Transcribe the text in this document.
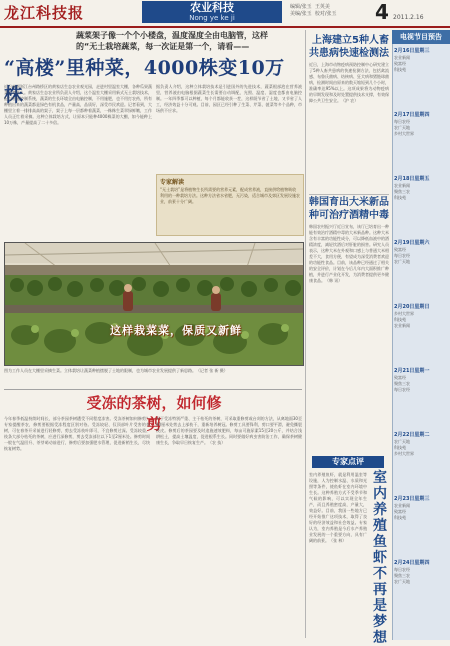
龙江科技报	农业科技
Nong ye ke ji
编辑/张玉  王英美
美编/张玉  校对/张玉 4 2011.2.16
蔬菜架子像一个个小楼盘，温度湿度全由电脑管，这样的“无土栽培蔬菜，每一次证是第一个，请看——
“高楼”里种菜，4000株变10万株
近日来到浙江台州路桥区的黄家店生态农业观光园，走进村里温室大棚，各种瓜果蔬菜长势喜人。黄家店生态农业所负责人介绍，这个温室大棚采用新式无土栽培技术，配以智能控制系统，蔬菜的生长环境全由电脑控制，不用施肥，也不用打农药，所有种植出来的蔬菜都是绿色有机食品，产量高，品质好，深受市民欢迎。记者看到，大棚里立着一排排高高的架子，架子上每一层都种着蔬菜，一株株生菜翠绿鲜嫩，工作人员正忙着采摘。这种立体栽培方式，让原本只能种4000株菜的大棚，如今能种上10万株，产量提高了二十多倍。
据负责人介绍，这种立体栽培技术是引进国外的先进技术，蔬菜根部泡在营养液里，营养液由电脑根据蔬菜生长需要自动调配，光照、温度、湿度也都由电脑控制。一年四季都可以种植，每个月都能收获一茬，这样既节省了土地，又节省了人工，经济效益十分可观。目前，园区已经引种了生菜、芹菜、菠菜等多个品种，市场供不应求。
专家解读
“无土栽培”是将植物生长所需要的营养元素，配成营养液，直接供给植物吸收利用的一种栽培方法。这种方法省水省肥，无污染，适合城市及郊区发展设施农业，前景十分广阔。
这样栽菜菜，保质又新鲜
图为工作人员在大棚里采摘生菜。立体栽培让蔬菜种植摆脱了土地的限制，也为城市农业发展提供了新思路。（记者 张 新 摄）
受冻的茶树，如何修剪
今年春季低温持续时间长，部分茶园茶树遭受不同程度冻害。受冻茶树如何修剪？专家提醒茶农，修剪要根据受冻程度区别对待。受冻较轻、仅顶部叶片受害的茶树，可在春茶开采前进行轻修剪，剪去受冻枝叶即可，不宜修剪过深。受冻较重、枝条大部分枯死的茶树，应进行深修剪，剪去受冻部位以下1至2厘米处。修剪时间一般在气温回升、茶芽萌动前进行，修剪后要加强肥水管理，促进新梢生长，尽快恢复树势。
对于受冻特别严重、主干枯死的茶树，可采取重修剪或台刈的方法，从离地面30至40厘米处剪去上部枝干，重新培养树冠。修剪工具要锋利，剪口要平滑，避免撕裂枝皮。修剪后的茶园要及时追施速效肥料，每亩可施尿素15至20公斤，并结合浅耕松土，提高土壤温度，促进根系生长。同时要做好病虫害防治工作，确保茶树健康生长，争取早日恢复生产。（农 技）
上海建立5种人畜共患病快速检测法
近日，上海市动物疫病预防控制中心研究建立了5种人畜共患病的快速检测方法，包括禽流感、布鲁氏菌病、结核病、狂犬病和猪链球菌病，检测时间由原来的数天缩短到几个小时，准确率达95%以上。这项成果将为动物疫病的早期发现和及时处置提供技术支撑，有效保障公共卫生安全。（沪 农）
韩国育出大米新品种可治疗酒精中毒
韩国农村振兴厅近日宣布，该厅已培育出一种能有效治疗酒精中毒的大米新品种。这种大米含有丰富的功能性成分，可以降低血液中的酒精浓度，减轻饮酒后对肝脏的损害。研究人员表示，这种大米在外观和口感上与普通大米相差不大，食用方便，有望成为深受消费者欢迎的功能性食品。目前，该品种已经通过了相关的安全评价，计划在今后几年内大面积推广种植，并进行产业化开发，为消费者提供更多健康食品。（韩 讯）
专家点评
室内养殖鱼虾，就是利用温室等设施，人为控制水温、水质和光照等条件，使鱼虾在室内环境中生长。这种养殖方式不受季节和气候的影响，可以实现全年生产，而且养殖密度高，产量大，效益好。目前，我国一些地方已经开始推广这项技术，取得了良好的经济效益和社会效益。专家认为，室内养殖是今后水产养殖业发展的一个重要方向，具有广阔的前景。（张 林）
室内养殖鱼虾不再是梦想
电视节目预告
2月16日星期三
农业新闻
致富经
科技苑
2月17日星期四
每日农经
农广天地
乡村大世界
2月18日星期五
农业新闻
聚焦三农
科技苑
2月19日星期六
致富经
每日农经
农广天地
2月20日星期日
乡村大世界
科技苑
农业新闻
2月21日星期一
致富经
聚焦三农
每日农经
2月22日星期二
农广天地
科技苑
乡村大世界
2月23日星期三
农业新闻
致富经
科技苑
2月24日星期四
每日农经
聚焦三农
农广天地
